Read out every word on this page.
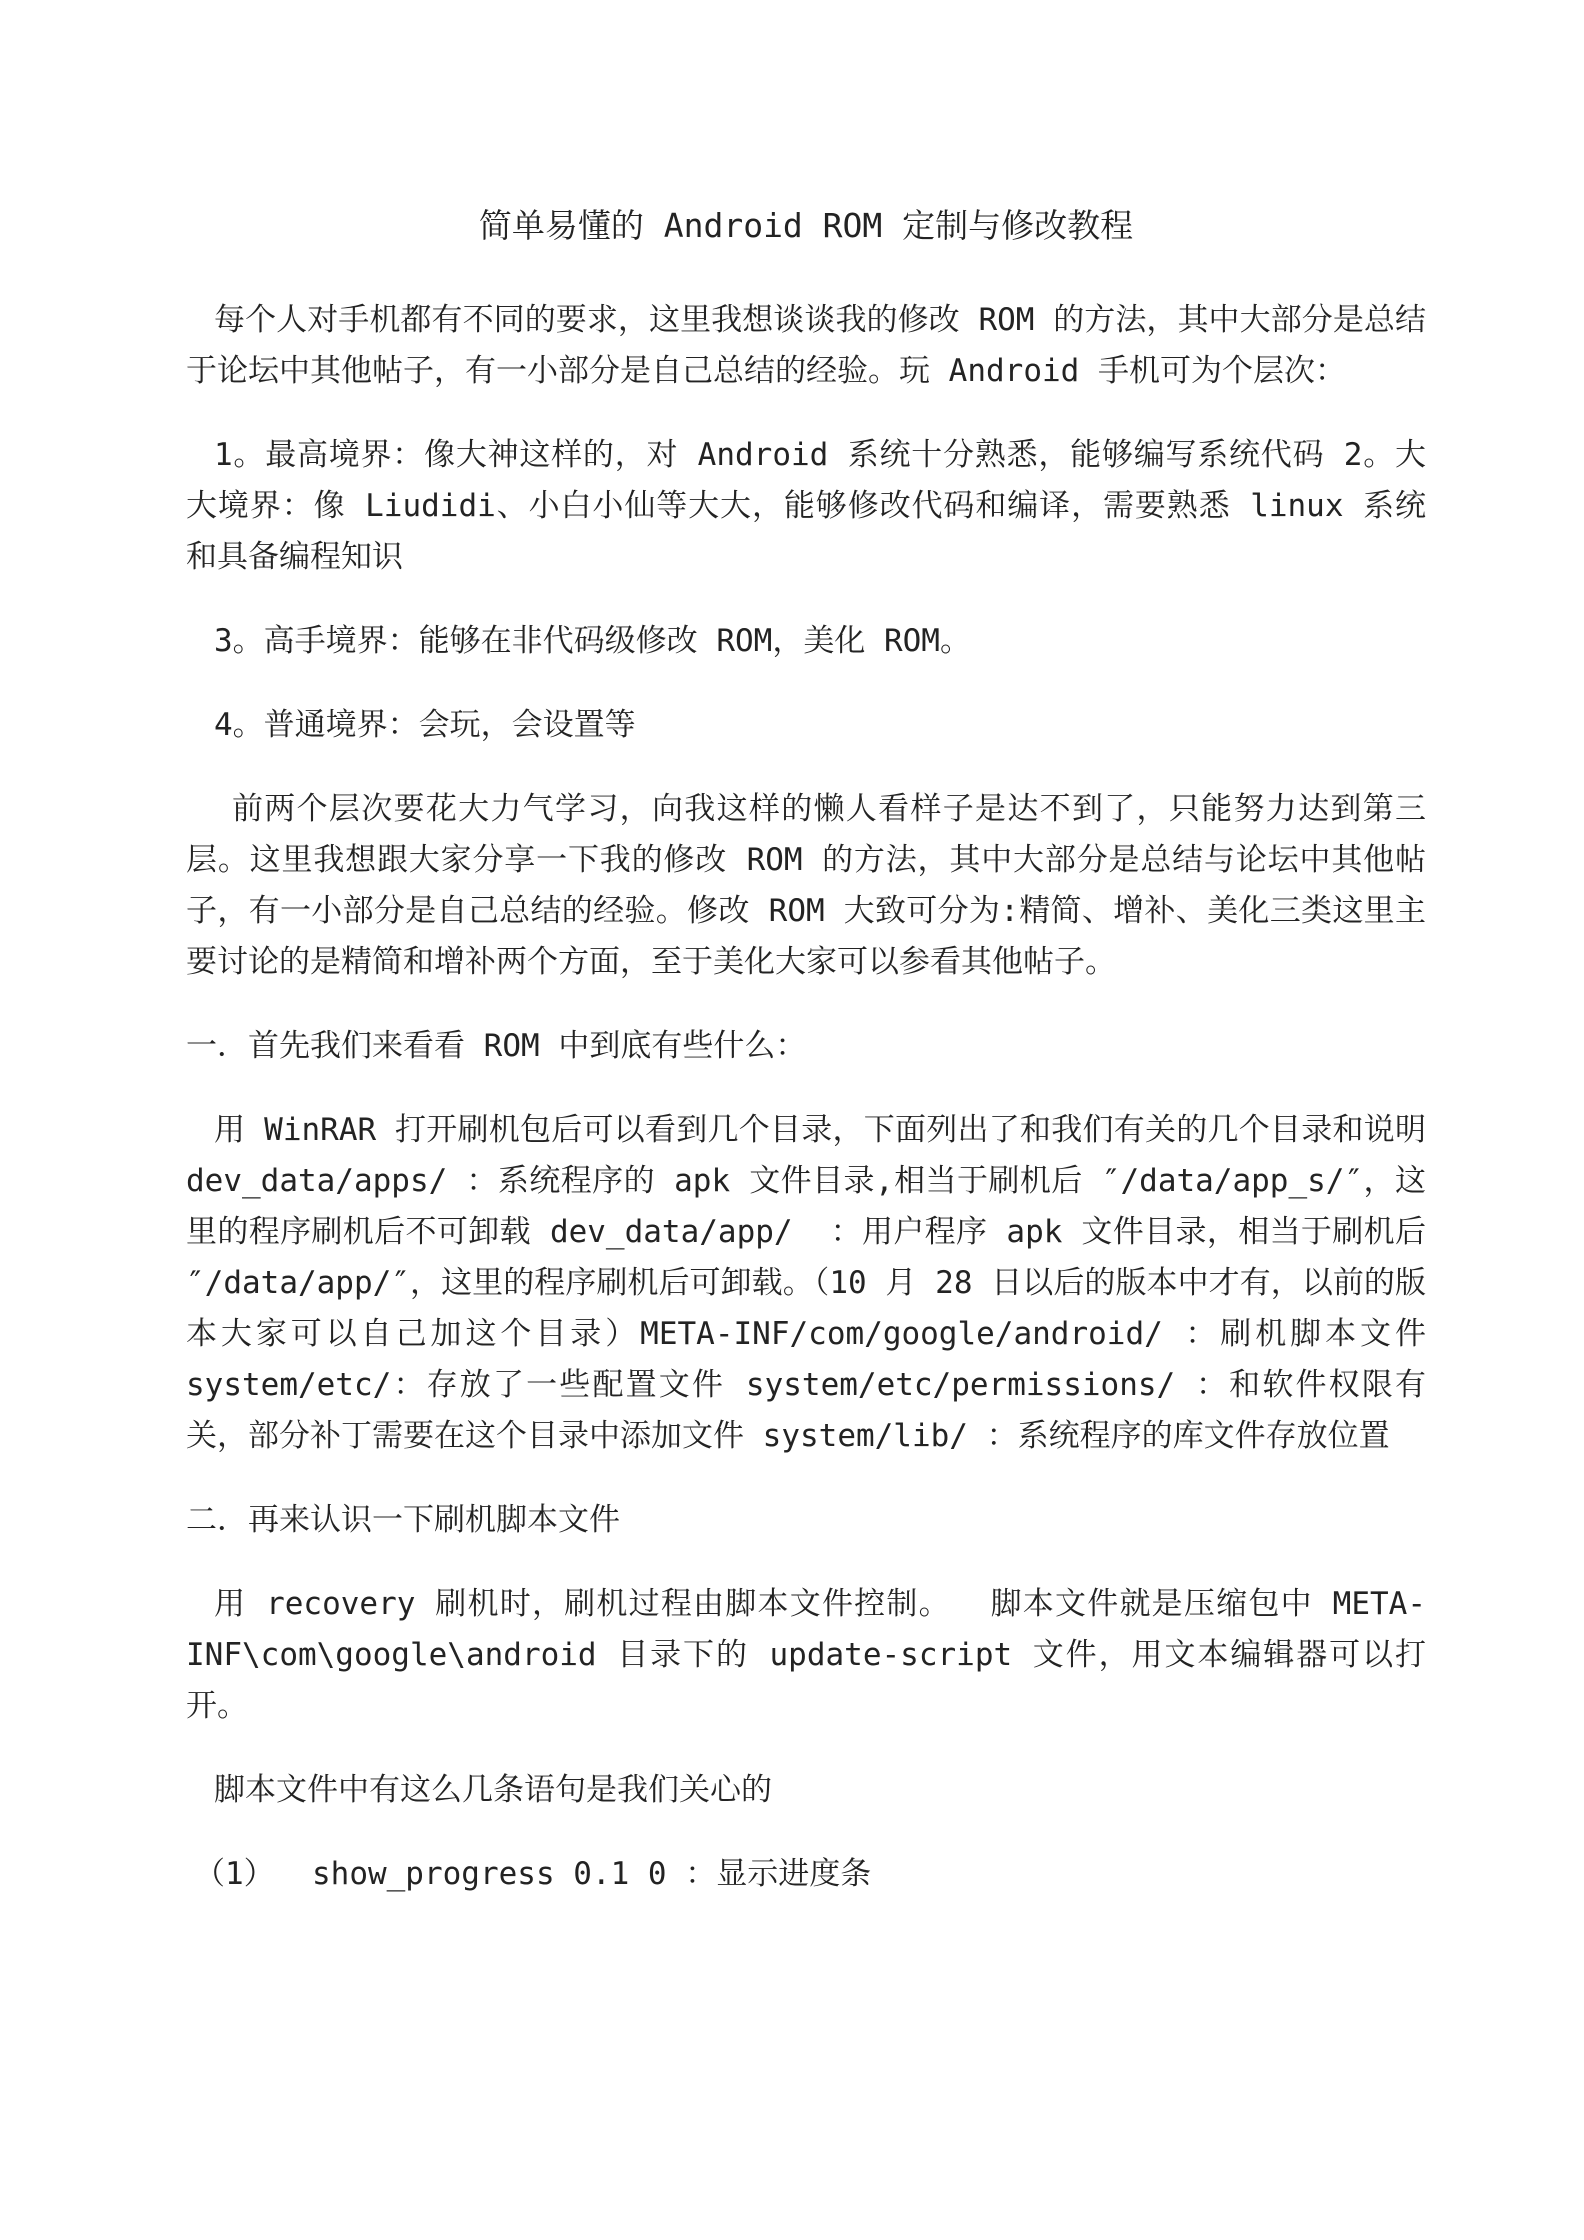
简单易懂的 Android ROM 定制与修改教程
每个人对手机都有不同的要求，这里我想谈谈我的修改 ROM 的方法，其中大部分是总结于论坛中其他帖子，有一小部分是自己总结的经验。玩 Android 手机可为个层次：
1。最高境界：像大神这样的，对 Android 系统十分熟悉，能够编写系统代码 2。大大境界：像 Liudidi、小白小仙等大大，能够修改代码和编译，需要熟悉 linux 系统和具备编程知识
3。高手境界：能够在非代码级修改 ROM，美化 ROM。
4。普通境界：会玩，会设置等
前两个层次要花大力气学习，向我这样的懒人看样子是达不到了，只能努力达到第三层。这里我想跟大家分享一下我的修改 ROM 的方法，其中大部分是总结与论坛中其他帖子，有一小部分是自己总结的经验。修改 ROM 大致可分为:精简、增补、美化三类这里主要讨论的是精简和增补两个方面，至于美化大家可以参看其他帖子。
一．首先我们来看看 ROM 中到底有些什么：
用 WinRAR 打开刷机包后可以看到几个目录，下面列出了和我们有关的几个目录和说明 dev_data/apps/ ：系统程序的 apk 文件目录,相当于刷机后 ″/data/app_s/″，这里的程序刷机后不可卸载 dev_data/app/  ：用户程序 apk 文件目录，相当于刷机后 ″/data/app/″，这里的程序刷机后可卸载。（10 月 28 日以后的版本中才有，以前的版本大家可以自己加这个目录）META-INF/com/google/android/ ：刷机脚本文件 system/etc/：存放了一些配置文件 system/etc/permissions/ ：和软件权限有关，部分补丁需要在这个目录中添加文件 system/lib/ ：系统程序的库文件存放位置
二．再来认识一下刷机脚本文件
用 recovery 刷机时，刷机过程由脚本文件控制。  脚本文件就是压缩包中 META-INF\com\google\android 目录下的 update-script 文件，用文本编辑器可以打开。
脚本文件中有这么几条语句是我们关心的
（1）  show_progress 0.1 0 ：显示进度条
